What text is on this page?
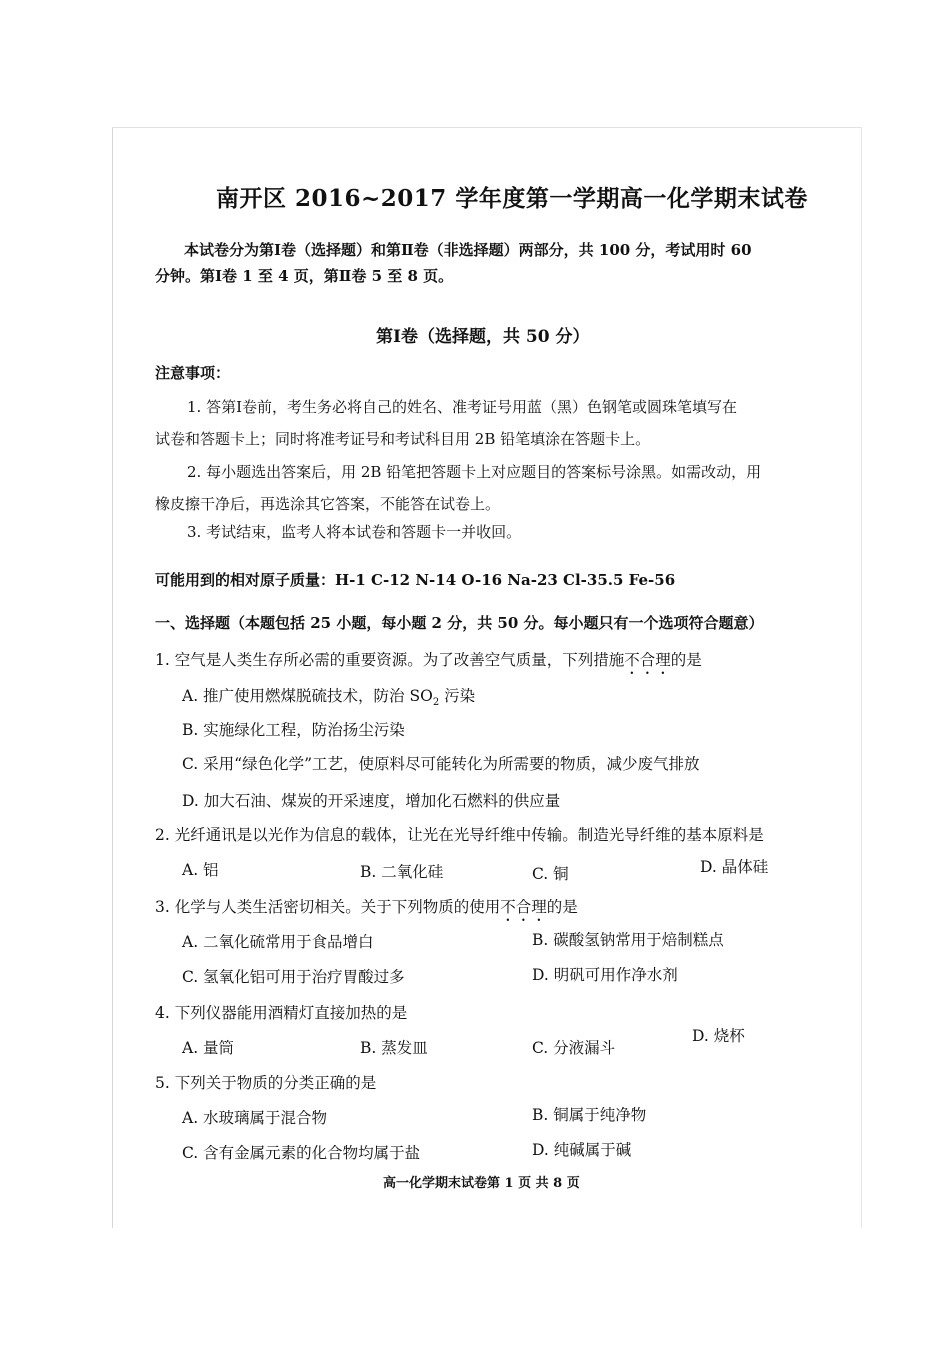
南开区 2016~2017 学年度第一学期高一化学期末试卷
本试卷分为第Ⅰ卷（选择题）和第Ⅱ卷（非选择题）两部分，共 100 分，考试用时 60
分钟。第Ⅰ卷 1 至 4 页，第Ⅱ卷 5 至 8 页。
第Ⅰ卷（选择题，共 50 分）
注意事项：
1. 答第Ⅰ卷前，考生务必将自己的姓名、准考证号用蓝（黑）色钢笔或圆珠笔填写在
试卷和答题卡上；同时将准考证号和考试科目用 2B 铅笔填涂在答题卡上。
2. 每小题选出答案后，用 2B 铅笔把答题卡上对应题目的答案标号涂黑。如需改动，用
橡皮擦干净后，再选涂其它答案，不能答在试卷上。
3. 考试结束，监考人将本试卷和答题卡一并收回。
可能用到的相对原子质量：H-1 C-12 N-14 O-16 Na-23 Cl-35.5 Fe-56
一、选择题（本题包括 25 小题，每小题 2 分，共 50 分。每小题只有一个选项符合题意）
1. 空气是人类生存所必需的重要资源。为了改善空气质量，下列措施不合理的是
A. 推广使用燃煤脱硫技术，防治 $SO_2$ 污染
B. 实施绿化工程，防治扬尘污染
C. 采用“绿色化学”工艺，使原料尽可能转化为所需要的物质，减少废气排放
D. 加大石油、煤炭的开采速度，增加化石燃料的供应量
2. 光纤通讯是以光作为信息的载体，让光在光导纤维中传输。制造光导纤维的基本原料是
A. 铝	B. 二氧化硅	C. 铜	D. 晶体硅
3. 化学与人类生活密切相关。关于下列物质的使用不合理的是
A. 二氧化硫常用于食品增白	B. 碳酸氢钠常用于焙制糕点
C. 氢氧化铝可用于治疗胃酸过多	D. 明矾可用作净水剂
4. 下列仪器能用酒精灯直接加热的是
A. 量筒	B. 蒸发皿	C. 分液漏斗
D. 烧杯
5. 下列关于物质的分类正确的是
A. 水玻璃属于混合物	B. 铜属于纯净物
C. 含有金属元素的化合物均属于盐	D. 纯碱属于碱
高一化学期末试卷第 1 页 共 8 页
